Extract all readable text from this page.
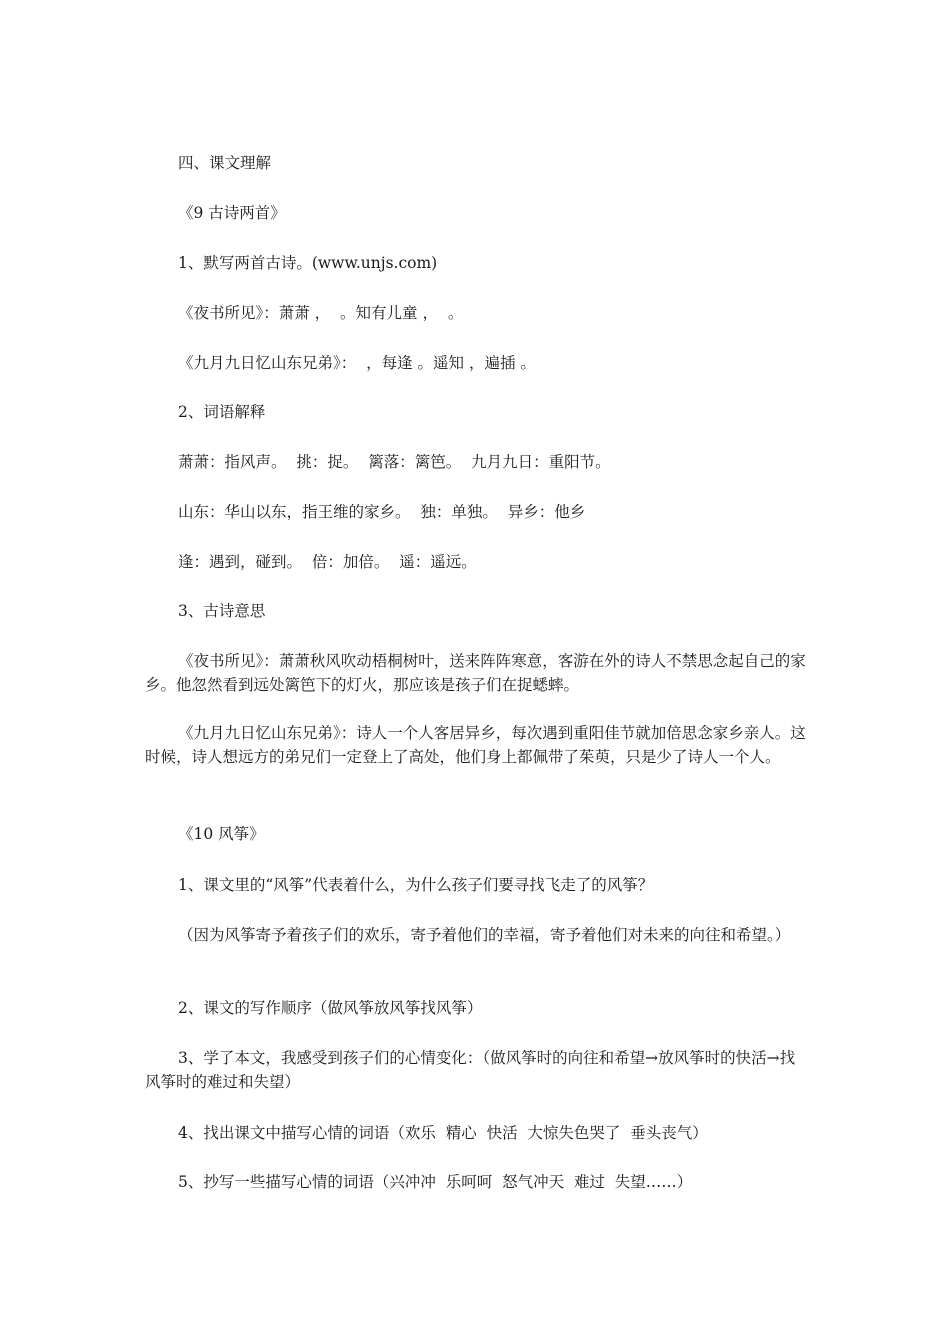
四、课文理解

《9 古诗两首》

1、默写两首古诗。(www.unjs.com)

《夜书所见》：萧萧 ，  。知有儿童 ，  。

《九月九日忆山东兄弟》：  ，每逢 。遥知 ，遍插 。

2、词语解释

萧萧：指风声。  挑：捉。  篱落：篱笆。  九月九日：重阳节。

山东：华山以东，指王维的家乡。  独：单独。  异乡：他乡

逢：遇到，碰到。  倍：加倍。  遥：遥远。

3、古诗意思

《夜书所见》：萧萧秋风吹动梧桐树叶，送来阵阵寒意，客游在外的诗人不禁思念起自己的家乡。他忽然看到远处篱笆下的灯火，那应该是孩子们在捉蟋蟀。

《九月九日忆山东兄弟》：诗人一个人客居异乡，每次遇到重阳佳节就加倍思念家乡亲人。这时候，诗人想远方的弟兄们一定登上了高处，他们身上都佩带了茱萸，只是少了诗人一个人。

《10 风筝》

1、课文里的“风筝”代表着什么，为什么孩子们要寻找飞走了的风筝？

（因为风筝寄予着孩子们的欢乐，寄予着他们的幸福，寄予着他们对未来的向往和希望。）

2、课文的写作顺序（做风筝放风筝找风筝）

3、学了本文，我感受到孩子们的心情变化：（做风筝时的向往和希望→放风筝时的快活→找风筝时的难过和失望）

4、找出课文中描写心情的词语（欢乐  精心  快活  大惊失色哭了  垂头丧气）

5、抄写一些描写心情的词语（兴冲冲  乐呵呵  怒气冲天  难过  失望……）
